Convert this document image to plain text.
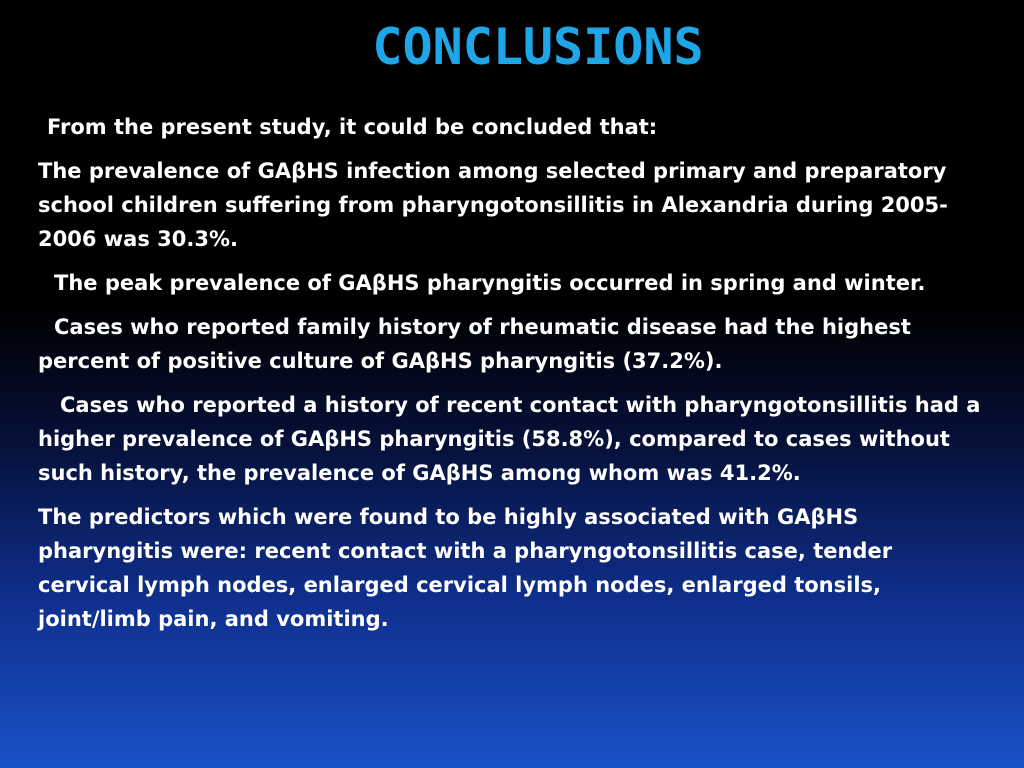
CONCLUSIONS

From the present study, it could be concluded that:

The prevalence of GAβHS infection among selected primary and preparatory school children suffering from pharyngotonsillitis in Alexandria during 2005-2006 was 30.3%.

The peak prevalence of GAβHS pharyngitis occurred in spring and winter.

Cases who reported family history of rheumatic disease had the highest percent of positive culture of GAβHS pharyngitis (37.2%).

Cases who reported a history of recent contact with pharyngotonsillitis had a higher prevalence of GAβHS pharyngitis (58.8%), compared to cases without such history, the prevalence of GAβHS among whom was 41.2%.

The predictors which were found to be highly associated with GAβHS pharyngitis were: recent contact with a pharyngotonsillitis case, tender cervical lymph nodes, enlarged cervical lymph nodes, enlarged tonsils, joint/limb pain, and vomiting.
